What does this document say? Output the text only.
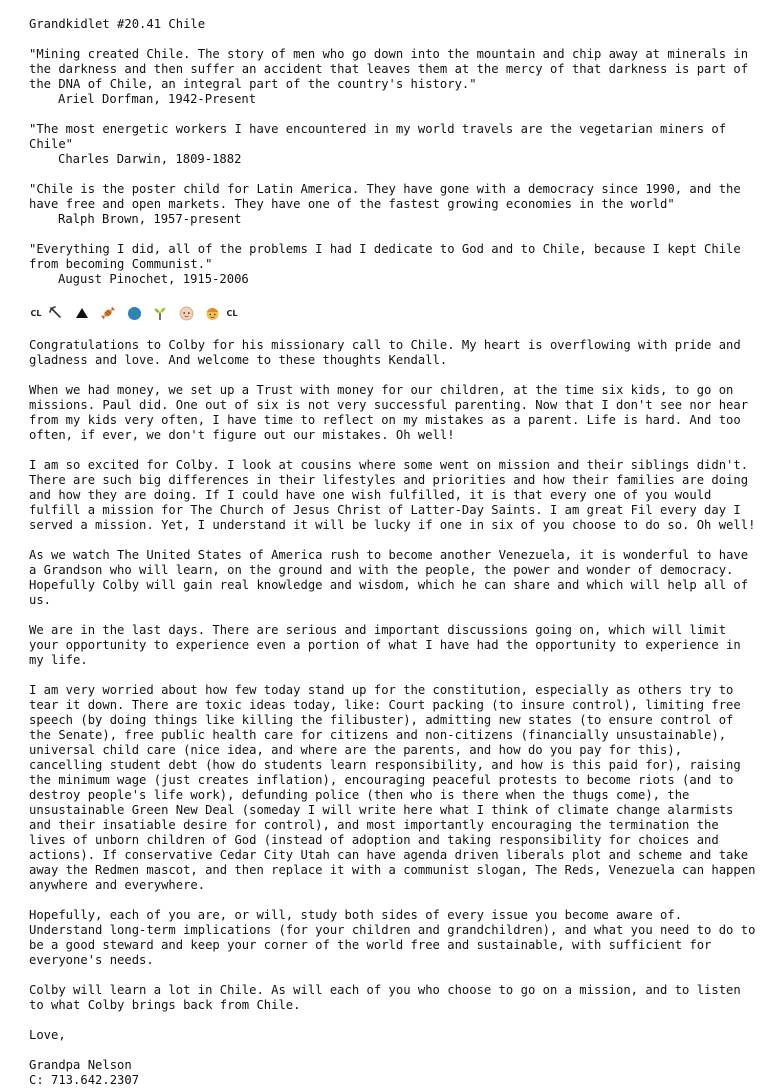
Grandkidlet #20.41 Chile

"Mining created Chile. The story of men who go down into the mountain and chip away at minerals in the darkness and then suffer an accident that leaves them at the mercy of that darkness is part of the DNA of Chile, an integral part of the country's history."

Ariel Dorfman, 1942-Present

"The most energetic workers I have encountered in my world travels are the vegetarian miners of Chile"

Charles Darwin, 1809-1882

"Chile is the poster child for Latin America. They have gone with a democracy since 1990, and the have free and open markets. They have one of the fastest growing economies in the world"

Ralph Brown, 1957-present

"Everything I did, all of the problems I had I dedicate to God and to Chile, because I kept Chile from becoming Communist."

August Pinochet, 1915-2006

CL	CL

Congratulations to Colby for his missionary call to Chile. My heart is overflowing with pride and gladness and love. And welcome to these thoughts Kendall.

When we had money, we set up a Trust with money for our children, at the time six kids, to go on missions. Paul did. One out of six is not very successful parenting. Now that I don't see nor hear from my kids very often, I have time to reflect on my mistakes as a parent. Life is hard. And too often, if ever, we don't figure out our mistakes. Oh well!

I am so excited for Colby. I look at cousins where some went on mission and their siblings didn't. There are such big differences in their lifestyles and priorities and how their families are doing and how they are doing. If I could have one wish fulfilled, it is that every one of you would fulfill a mission for The Church of Jesus Christ of Latter-Day Saints. I am great Fil every day I served a mission. Yet, I understand it will be lucky if one in six of you choose to do so. Oh well!

As we watch The United States of America rush to become another Venezuela, it is wonderful to have a Grandson who will learn, on the ground and with the people, the power and wonder of democracy. Hopefully Colby will gain real knowledge and wisdom, which he can share and which will help all of us.

We are in the last days. There are serious and important discussions going on, which will limit your opportunity to experience even a portion of what I have had the opportunity to experience in my life.

I am very worried about how few today stand up for the constitution, especially as others try to tear it down. There are toxic ideas today, like: Court packing (to insure control), limiting free speech (by doing things like killing the filibuster), admitting new states (to ensure control of the Senate), free public health care for citizens and non-citizens (financially unsustainable), universal child care (nice idea, and where are the parents, and how do you pay for this), cancelling student debt (how do students learn responsibility, and how is this paid for), raising the minimum wage (just creates inflation), encouraging peaceful protests to become riots (and to destroy people's life work), defunding police (then who is there when the thugs come), the unsustainable Green New Deal (someday I will write here what I think of climate change alarmists and their insatiable desire for control), and most importantly encouraging the termination the lives of unborn children of God (instead of adoption and taking responsibility for choices and actions). If conservative Cedar City Utah can have agenda driven liberals plot and scheme and take away the Redmen mascot, and then replace it with a communist slogan, The Reds, Venezuela can happen anywhere and everywhere.

Hopefully, each of you are, or will, study both sides of every issue you become aware of. Understand long-term implications (for your children and grandchildren), and what you need to do to be a good steward and keep your corner of the world free and sustainable, with sufficient for everyone's needs.

Colby will learn a lot in Chile. As will each of you who choose to go on a mission, and to listen to what Colby brings back from Chile.

Love,

Grandpa Nelson

C: 713.642.2307
